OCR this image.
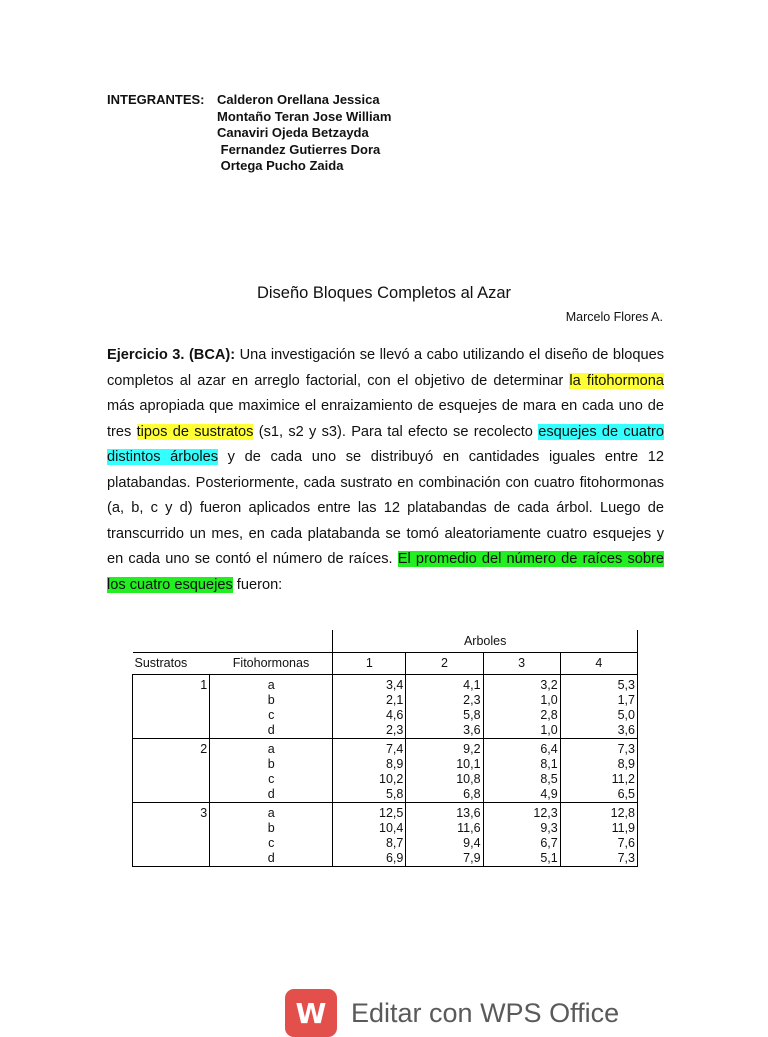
INTEGRANTES: Calderon Orellana Jessica
Montaño Teran Jose William
Canaviri Ojeda Betzayda
Fernandez Gutierres Dora
Ortega Pucho Zaida
Diseño Bloques Completos al Azar
Marcelo Flores A.
Ejercicio 3. (BCA): Una investigación se llevó a cabo utilizando el diseño de bloques completos al azar en arreglo factorial, con el objetivo de determinar la fitohormona más apropiada que maximice el enraizamiento de esquejes de mara en cada uno de tres tipos de sustratos (s1, s2 y s3). Para tal efecto se recolecto esquejes de cuatro distintos árboles y de cada uno se distribuyó en cantidades iguales entre 12 platabandas. Posteriormente, cada sustrato en combinación con cuatro fitohormonas (a, b, c y d) fueron aplicados entre las 12 platabandas de cada árbol. Luego de transcurrido un mes, en cada platabanda se tomó aleatoriamente cuatro esquejes y en cada uno se contó el número de raíces. El promedio del número de raíces sobre los cuatro esquejes fueron:
		Arboles			
Sustratos	Fitohormonas	1	2	3	4
1	a	3,4	4,1	3,2	5,3
	b	2,1	2,3	1,0	1,7
	c	4,6	5,8	2,8	5,0
	d	2,3	3,6	1,0	3,6
2	a	7,4	9,2	6,4	7,3
	b	8,9	10,1	8,1	8,9
	c	10,2	10,8	8,5	11,2
	d	5,8	6,8	4,9	6,5
3	a	12,5	13,6	12,3	12,8
	b	10,4	11,6	9,3	11,9
	c	8,7	9,4	6,7	7,6
	d	6,9	7,9	5,1	7,3
W Editar con WPS Office
